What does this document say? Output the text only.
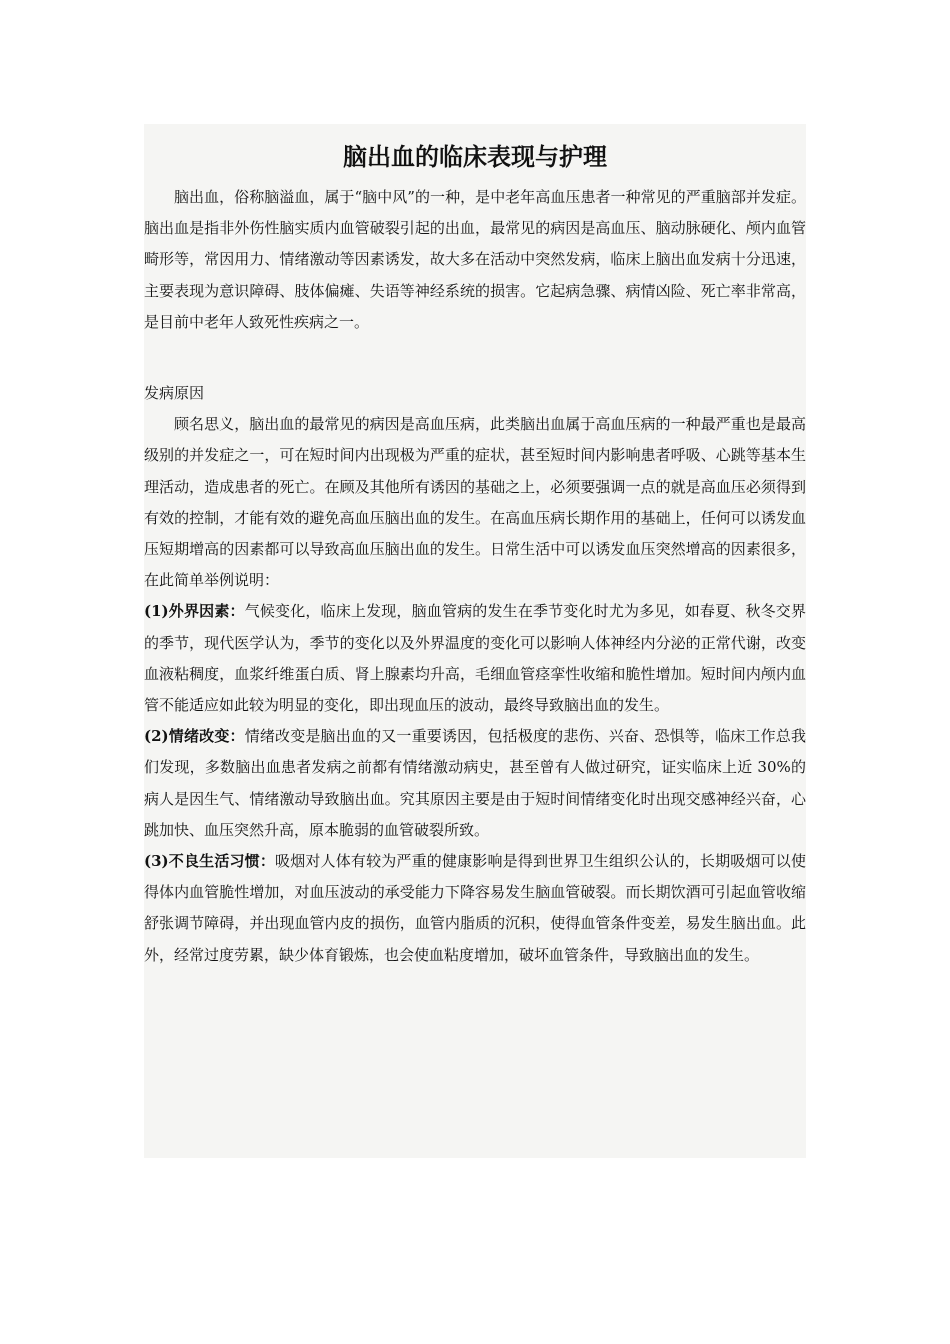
脑出血的临床表现与护理

脑出血，俗称脑溢血，属于“脑中风”的一种，是中老年高血压患者一种常见的严重脑部并发症。脑出血是指非外伤性脑实质内血管破裂引起的出血，最常见的病因是高血压、脑动脉硬化、颅内血管畸形等，常因用力、情绪激动等因素诱发，故大多在活动中突然发病，临床上脑出血发病十分迅速，主要表现为意识障碍、肢体偏瘫、失语等神经系统的损害。它起病急骤、病情凶险、死亡率非常高，是目前中老年人致死性疾病之一。

发病原因

顾名思义，脑出血的最常见的病因是高血压病，此类脑出血属于高血压病的一种最严重也是最高级别的并发症之一，可在短时间内出现极为严重的症状，甚至短时间内影响患者呼吸、心跳等基本生理活动，造成患者的死亡。在顾及其他所有诱因的基础之上，必须要强调一点的就是高血压必须得到有效的控制，才能有效的避免高血压脑出血的发生。在高血压病长期作用的基础上，任何可以诱发血压短期增高的因素都可以导致高血压脑出血的发生。日常生活中可以诱发血压突然增高的因素很多，在此简单举例说明：

(1)外界因素：气候变化，临床上发现，脑血管病的发生在季节变化时尤为多见，如春夏、秋冬交界的季节，现代医学认为，季节的变化以及外界温度的变化可以影响人体神经内分泌的正常代谢，改变血液粘稠度，血浆纤维蛋白质、肾上腺素均升高，毛细血管痉挛性收缩和脆性增加。短时间内颅内血管不能适应如此较为明显的变化，即出现血压的波动，最终导致脑出血的发生。

(2)情绪改变：情绪改变是脑出血的又一重要诱因，包括极度的悲伤、兴奋、恐惧等，临床工作总我们发现，多数脑出血患者发病之前都有情绪激动病史，甚至曾有人做过研究，证实临床上近 30%的病人是因生气、情绪激动导致脑出血。究其原因主要是由于短时间情绪变化时出现交感神经兴奋，心跳加快、血压突然升高，原本脆弱的血管破裂所致。

(3)不良生活习惯：吸烟对人体有较为严重的健康影响是得到世界卫生组织公认的，长期吸烟可以使得体内血管脆性增加，对血压波动的承受能力下降容易发生脑血管破裂。而长期饮酒可引起血管收缩舒张调节障碍，并出现血管内皮的损伤，血管内脂质的沉积，使得血管条件变差，易发生脑出血。此外，经常过度劳累，缺少体育锻炼，也会使血粘度增加，破坏血管条件，导致脑出血的发生。
